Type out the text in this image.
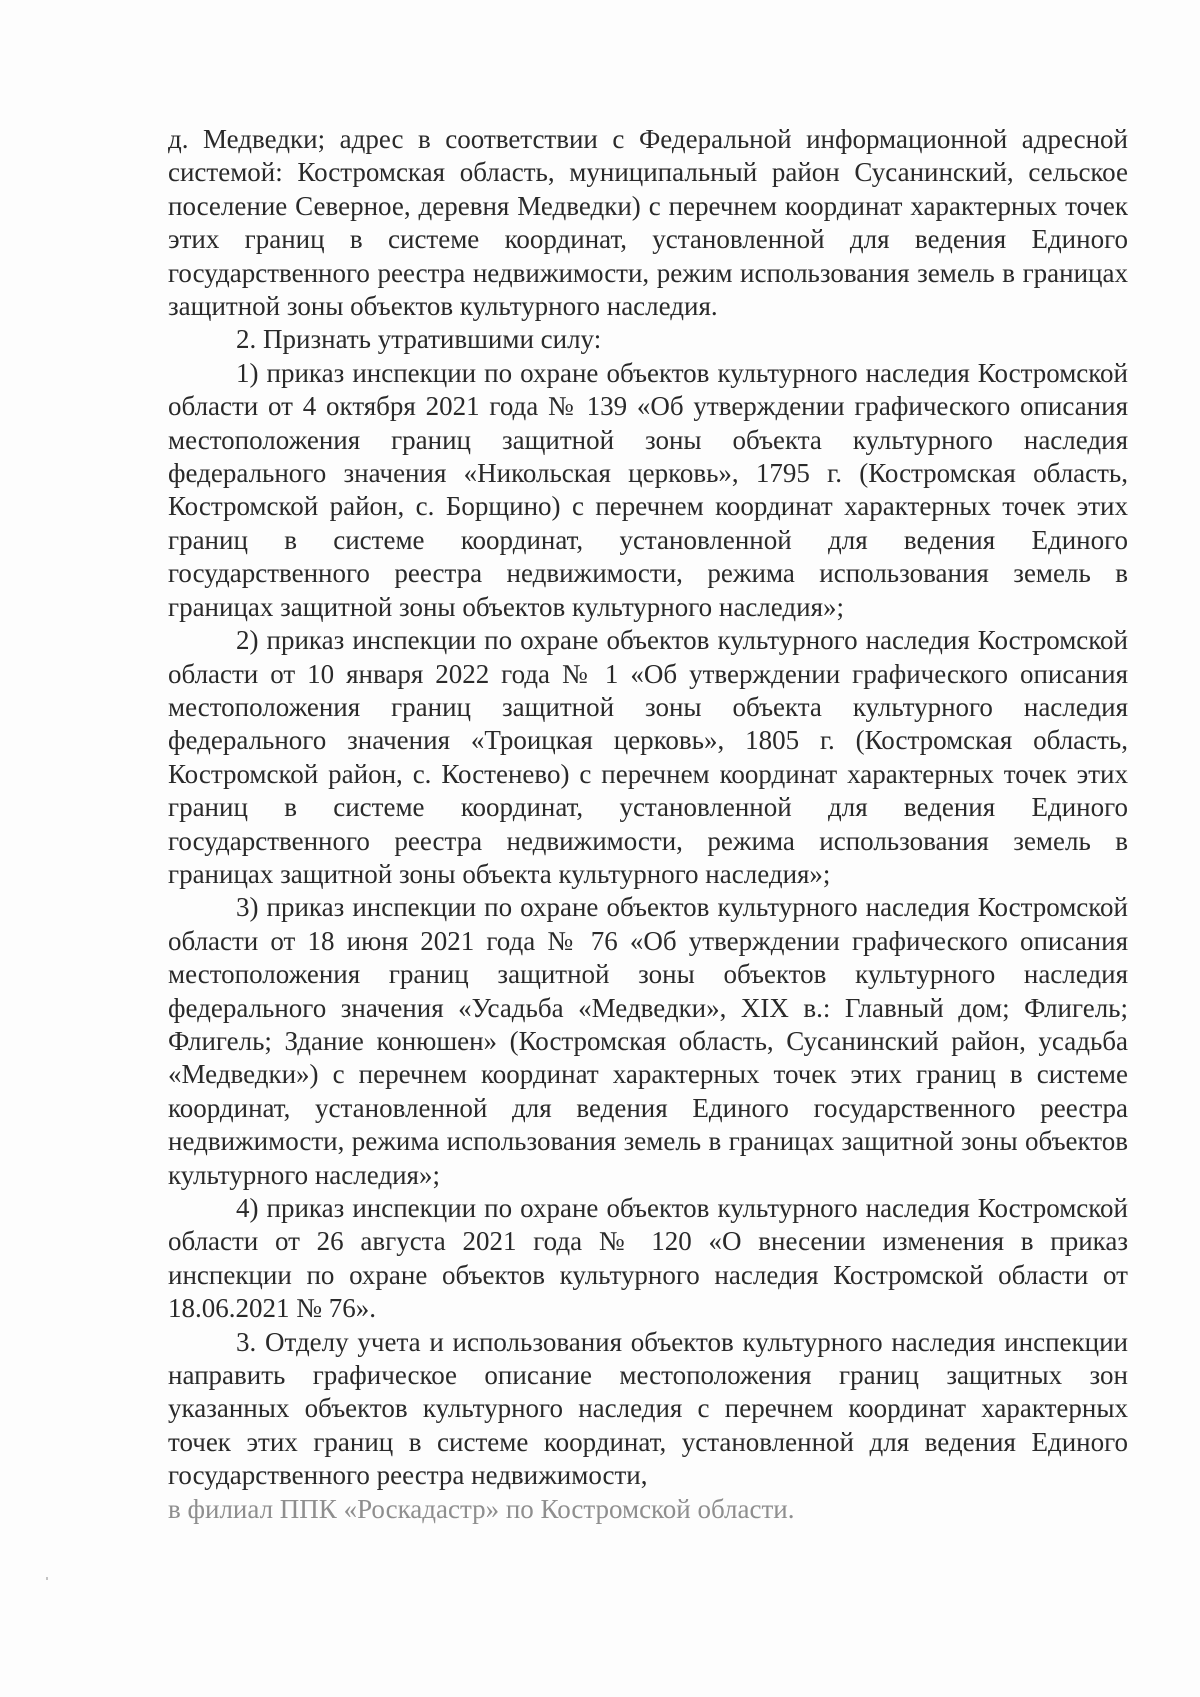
д. Медведки; адрес в соответствии с Федеральной информационной адресной системой: Костромская область, муниципальный район Сусанинский, сельское поселение Северное, деревня Медведки) с перечнем координат характерных точек этих границ в системе координат, установленной для ведения Единого государственного реестра недвижимости, режим использования земель в границах защитной зоны объектов культурного наследия.

2. Признать утратившими силу:

1) приказ инспекции по охране объектов культурного наследия Костромской области от 4 октября 2021 года № 139 «Об утверждении графического описания местоположения границ защитной зоны объекта культурного наследия федерального значения «Никольская церковь», 1795 г. (Костромская область, Костромской район, с. Борщино) с перечнем координат характерных точек этих границ в системе координат, установленной для ведения Единого государственного реестра недвижимости, режима использования земель в границах защитной зоны объектов культурного наследия»;

2) приказ инспекции по охране объектов культурного наследия Костромской области от 10 января 2022 года № 1 «Об утверждении графического описания местоположения границ защитной зоны объекта культурного наследия федерального значения «Троицкая церковь», 1805 г. (Костромская область, Костромской район, с. Костенево) с перечнем координат характерных точек этих границ в системе координат, установленной для ведения Единого государственного реестра недвижимости, режима использования земель в границах защитной зоны объекта культурного наследия»;

3) приказ инспекции по охране объектов культурного наследия Костромской области от 18 июня 2021 года № 76 «Об утверждении графического описания местоположения границ защитной зоны объектов культурного наследия федерального значения «Усадьба «Медведки», XIX в.: Главный дом; Флигель; Флигель; Здание конюшен» (Костромская область, Сусанинский район, усадьба «Медведки») с перечнем координат характерных точек этих границ в системе координат, установленной для ведения Единого государственного реестра недвижимости, режима использования земель в границах защитной зоны объектов культурного наследия»;

4) приказ инспекции по охране объектов культурного наследия Костромской области от 26 августа 2021 года № 120 «О внесении изменения в приказ инспекции по охране объектов культурного наследия Костромской области от 18.06.2021 № 76».

3. Отделу учета и использования объектов культурного наследия инспекции направить графическое описание местоположения границ защитных зон указанных объектов культурного наследия с перечнем координат характерных точек этих границ в системе координат, установленной для ведения Единого государственного реестра недвижимости,

в филиал ППК «Роскадастр» по Костромской области.
